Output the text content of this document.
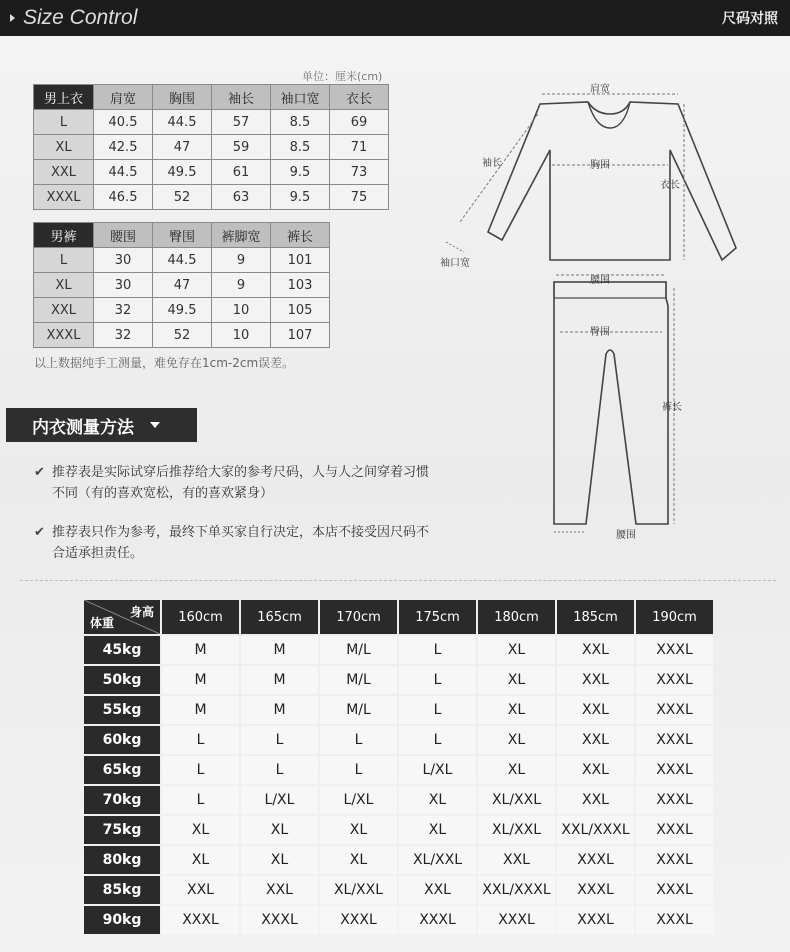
Size Control	尺码对照
单位：厘米(cm)
男上衣	肩宽	胸围	袖长	袖口宽	衣长
L	40.5	44.5	57	8.5	69
XL	42.5	47	59	8.5	71
XXL	44.5	49.5	61	9.5	73
XXXL	46.5	52	63	9.5	75
男裤	腰围	臀围	裤脚宽	裤长
L	30	44.5	9	101
XL	30	47	9	103
XXL	32	49.5	10	105
XXXL	32	52	10	107
以上数据纯手工测量，难免存在1cm-2cm误差。
内衣测量方法
✔ 推荐表是实际试穿后推荐给大家的参考尺码，人与人之间穿着习惯不同（有的喜欢宽松，有的喜欢紧身）
✔ 推荐表只作为参考，最终下单买家自行决定，本店不接受因尺码不合适承担责任。
肩宽
袖长	胸围
衣长
袖口宽
腰围
臀围
裤长
腰围
身高
体重	160cm	165cm	170cm	175cm	180cm	185cm	190cm
45kg	M	M	M/L	L	XL	XXL	XXXL
50kg	M	M	M/L	L	XL	XXL	XXXL
55kg	M	M	M/L	L	XL	XXL	XXXL
60kg	L	L	L	L	XL	XXL	XXXL
65kg	L	L	L	L/XL	XL	XXL	XXXL
70kg	L	L/XL	L/XL	XL	XL/XXL	XXL	XXXL
75kg	XL	XL	XL	XL	XL/XXL	XXL/XXXL	XXXL
80kg	XL	XL	XL	XL/XXL	XXL	XXXL	XXXL
85kg	XXL	XXL	XL/XXL	XXL	XXL/XXXL	XXXL	XXXL
90kg	XXXL	XXXL	XXXL	XXXL	XXXL	XXXL	XXXL
